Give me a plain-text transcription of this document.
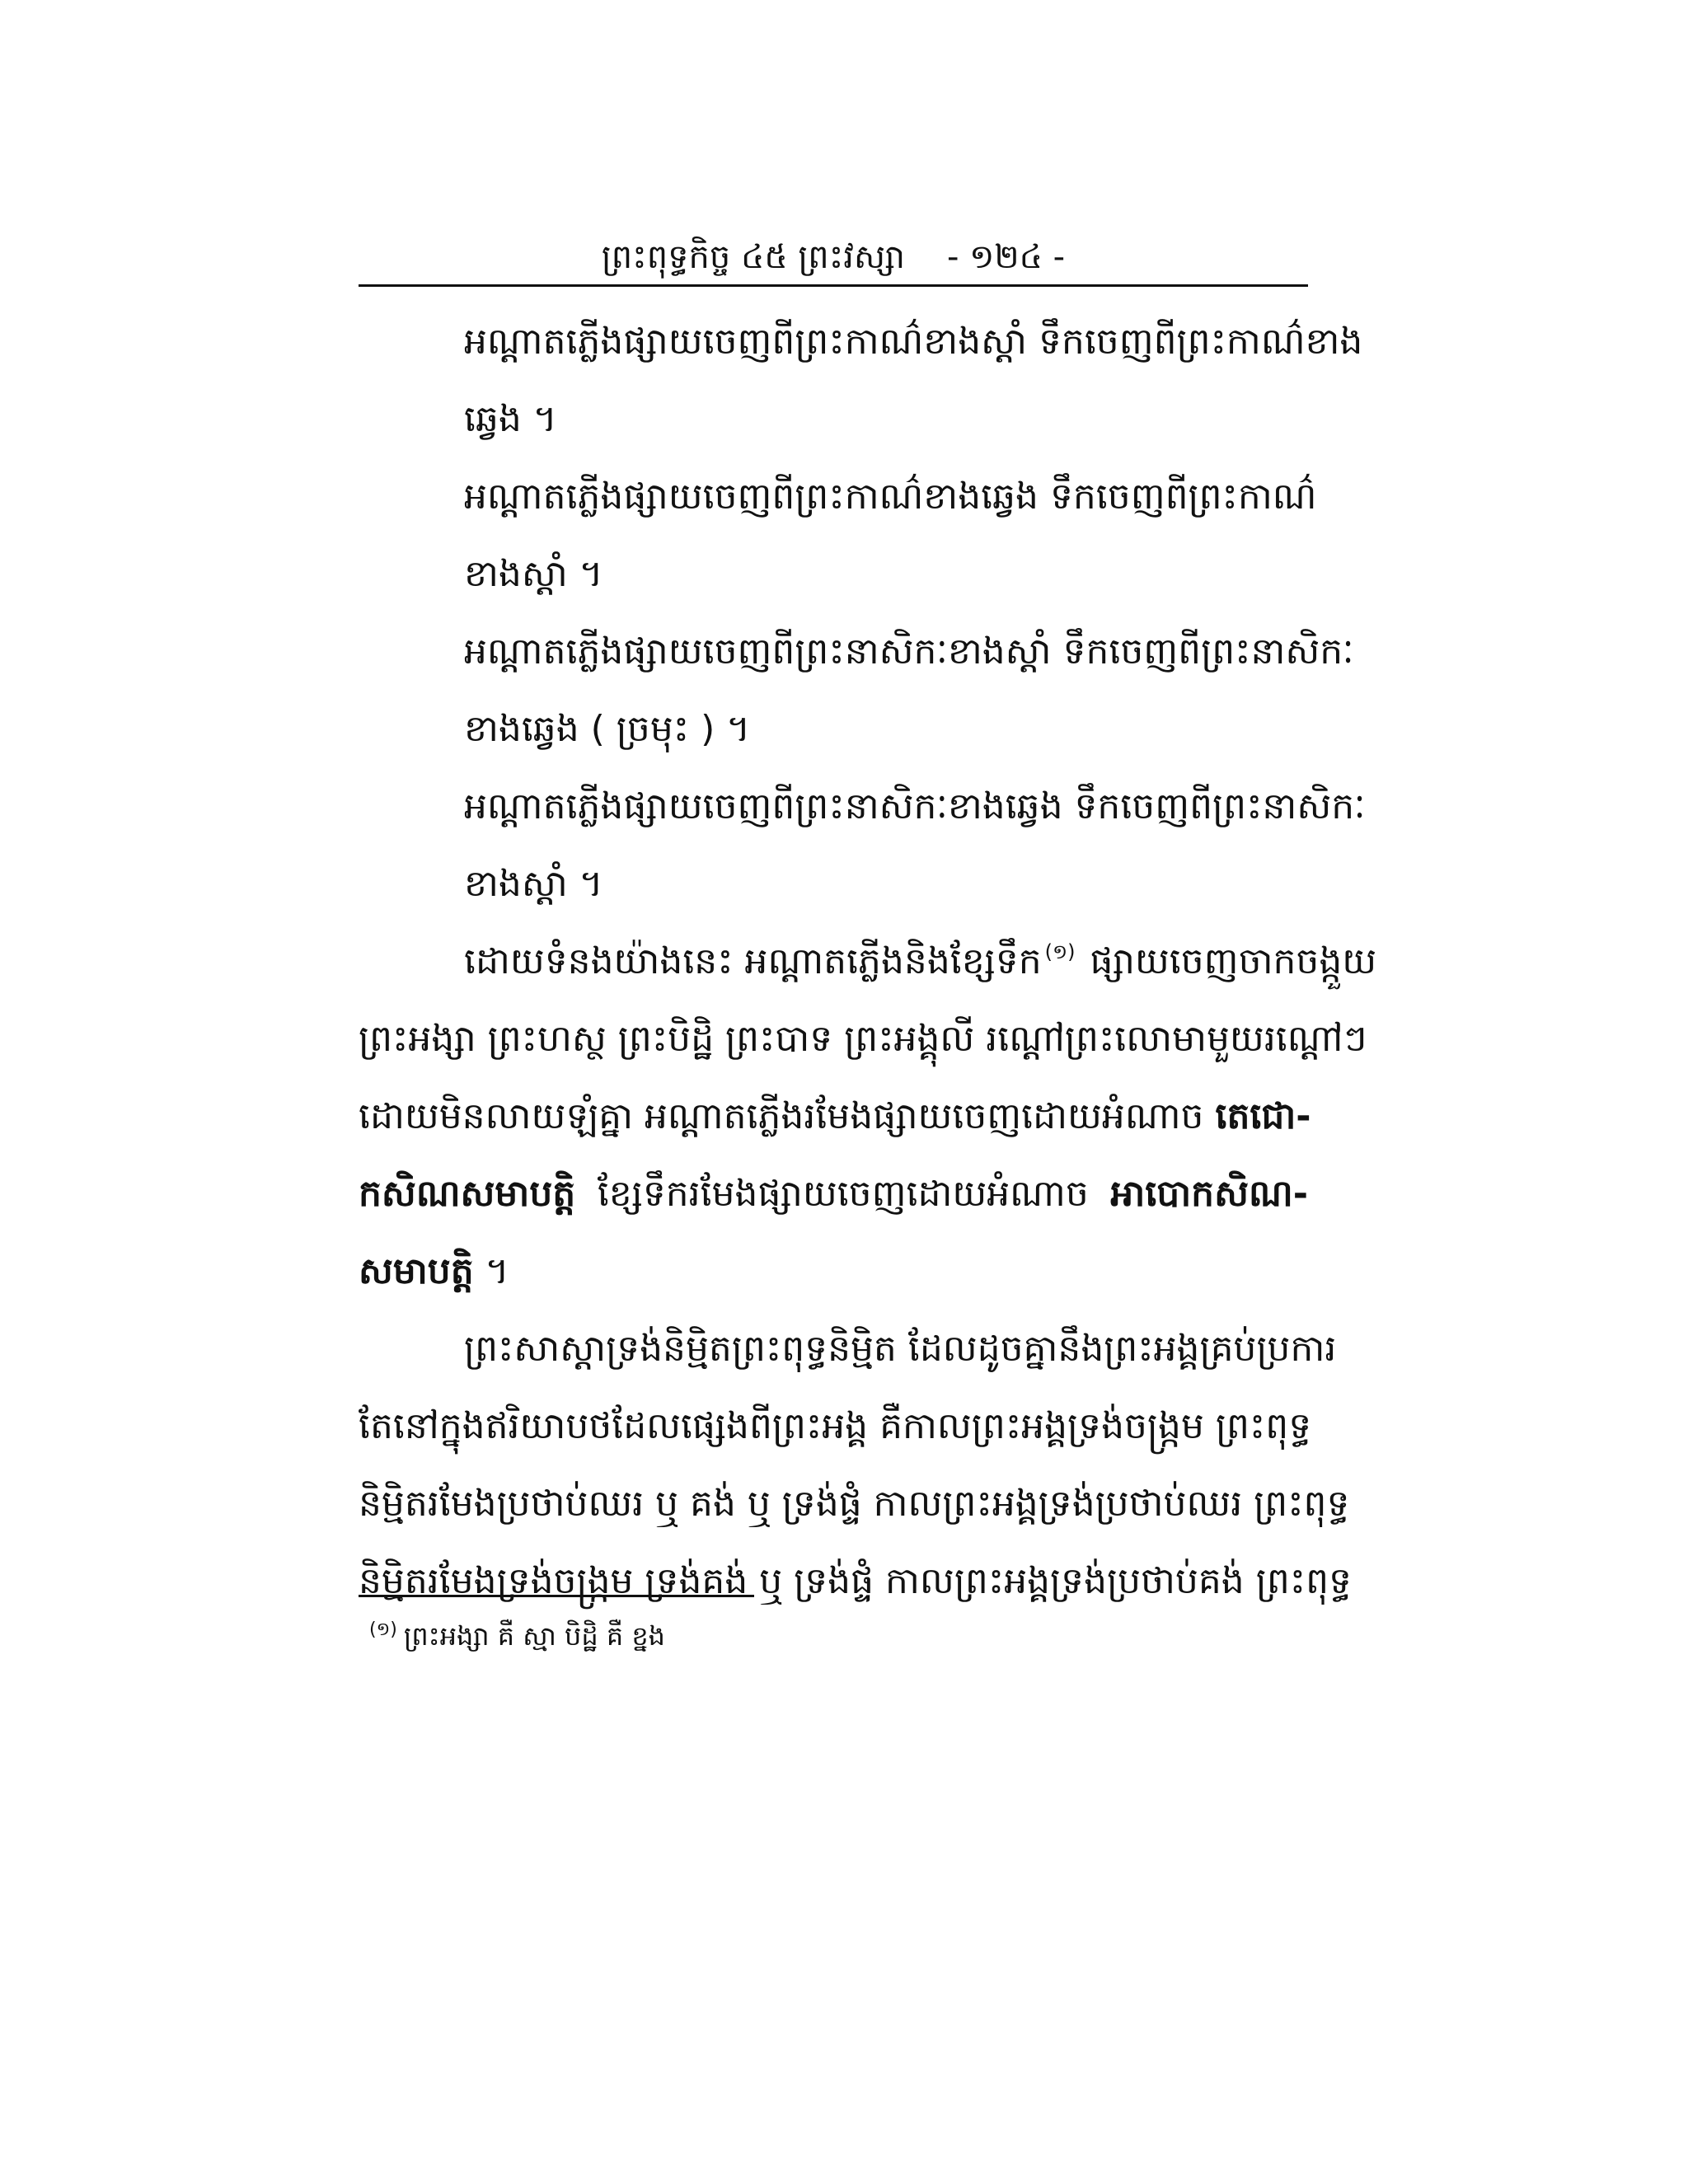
ព្រះពុទ្ធកិច្ច ៤៥ ព្រះវស្សា - ១២៤ -
អណ្តាតភ្លើងផ្សាយចេញពីព្រះកាណ៌ខាងស្តាំ ទឹកចេញពីព្រះកាណ៌ខាង
ឆ្វេង ។
អណ្តាតភ្លើងផ្សាយចេញពីព្រះកាណ៌ខាងឆ្វេង ទឹកចេញពីព្រះកាណ៌
ខាងស្តាំ ។
អណ្តាតភ្លើងផ្សាយចេញពីព្រះនាសិកៈខាងស្តាំ ទឹកចេញពីព្រះនាសិកៈ
ខាងឆ្វេង ( ច្រមុះ ) ។
អណ្តាតភ្លើងផ្សាយចេញពីព្រះនាសិកៈខាងឆ្វេង ទឹកចេញពីព្រះនាសិកៈ
ខាងស្តាំ ។
ដោយទំនងយ៉ាងនេះ អណ្តាតភ្លើងនិងខ្សែទឹក $^{(១)}$ ផ្សាយចេញចាកចង្កួយ
ព្រះអង្សា ព្រះហស្ថ ព្រះបិដ្ឋិ ព្រះបាទ ព្រះអង្គុលី រណ្តៅព្រះលោមាមួយរណ្តៅៗ
ដោយមិនលាយឡំគ្នា អណ្តាតភ្លើងរមែងផ្សាយចេញដោយអំណាច តេជោ-
កសិណសមាបត្តិ ខ្សែទឹករមែងផ្សាយចេញដោយអំណាច អាបោកសិណ-
សមាបត្តិ ។
ព្រះសាស្តាទ្រង់និម្មិតព្រះពុទ្ធនិម្មិត ដែលដូចគ្នានឹងព្រះអង្គគ្រប់ប្រការ
តែនៅក្នុងឥរិយាបថដែលផ្សេងពីព្រះអង្គ គឺកាលព្រះអង្គទ្រង់ចង្ក្រម ព្រះពុទ្ធ
និម្មិតរមែងប្រថាប់ឈរ ឬ គង់ ឬ ទ្រង់ផ្ទំ កាលព្រះអង្គទ្រង់ប្រថាប់ឈរ ព្រះពុទ្ធ
និម្មិតរមែងទ្រង់ចង្ក្រម ទ្រង់គង់ ឬ ទ្រង់ផ្ទំ កាលព្រះអង្គទ្រង់ប្រថាប់គង់ ព្រះពុទ្ធ
$^{(១)}$ ព្រះអង្សា គឺ ស្មា បិដ្ឋិ គឺ ខ្នង
